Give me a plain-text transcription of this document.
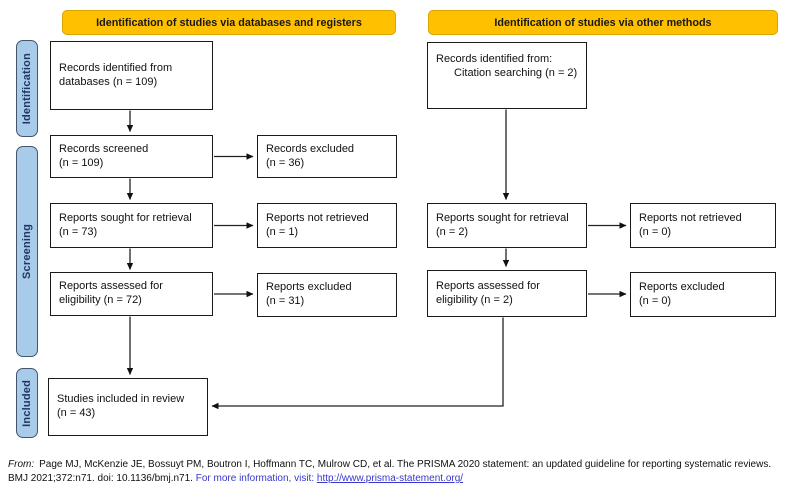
Identification of studies via databases and registers	Identification of studies via other methods
Identification
Screening
Included
Records identified from
databases (n = 109)
Records screened
(n = 109)
Records excluded
(n = 36)
Reports sought for retrieval
(n = 73)
Reports not retrieved
(n = 1)
Reports assessed for
eligibility (n = 72)
Reports excluded
(n = 31)
Studies included in review
(n = 43)
Records identified from:
Citation searching (n = 2)
Reports sought for retrieval
(n = 2)
Reports not retrieved
(n = 0)
Reports assessed for
eligibility (n = 2)
Reports excluded
(n = 0)
From: Page MJ, McKenzie JE, Bossuyt PM, Boutron I, Hoffmann TC, Mulrow CD, et al. The PRISMA 2020 statement: an updated guideline for reporting systematic reviews.
BMJ 2021;372:n71. doi: 10.1136/bmj.n71. For more information, visit: http://www.prisma-statement.org/
